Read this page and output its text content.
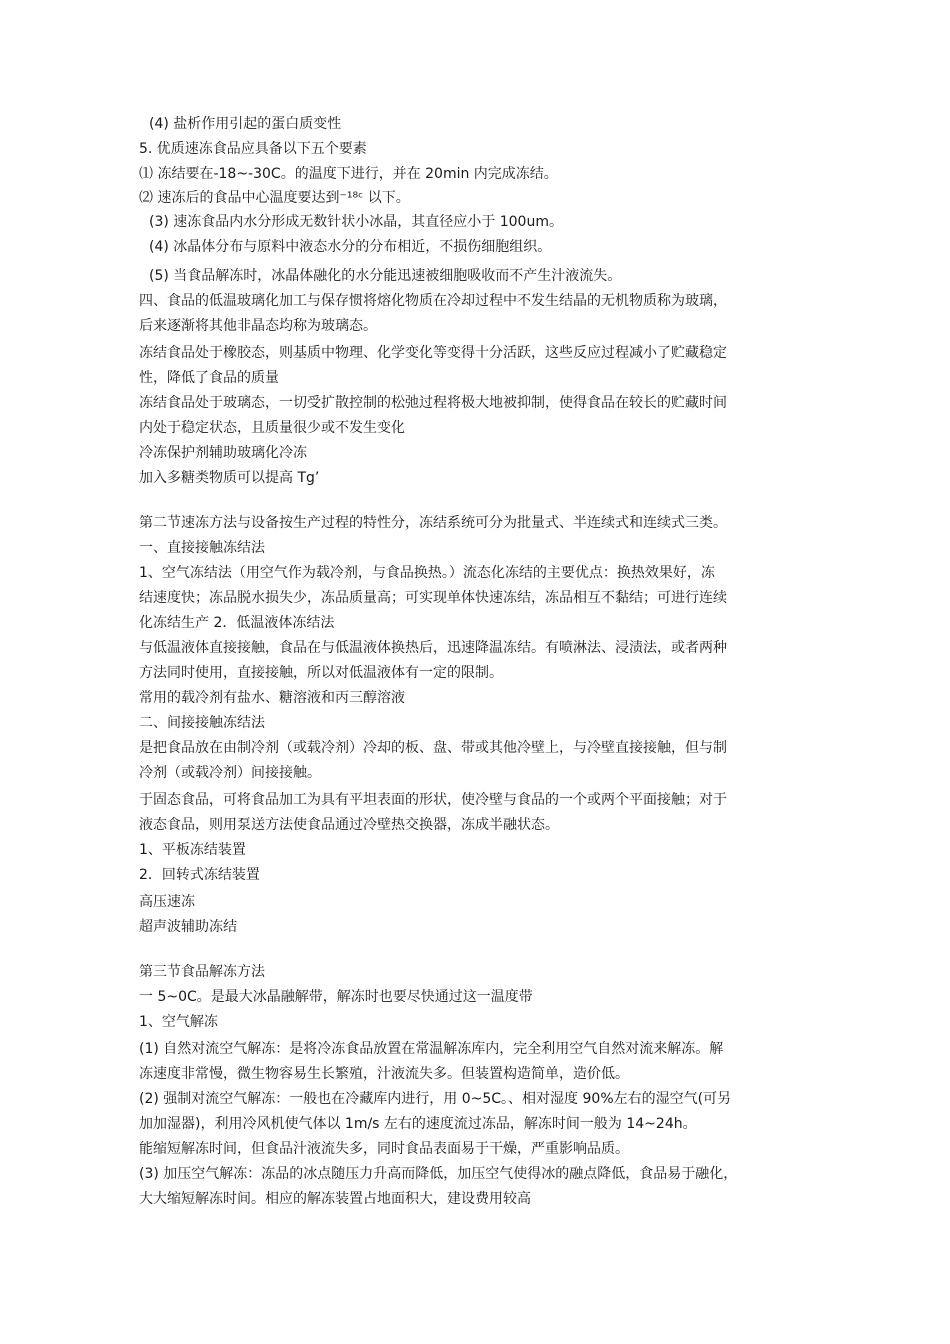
(4) 盐析作用引起的蛋白质变性
5. 优质速冻食品应具备以下五个要素
⑴ 冻结要在-18~-30C。的温度下进行，并在 20min 内完成冻结。
⑵ 速冻后的食品中心温度要达到⁻¹⁸ᶜ 以下。
(3) 速冻食品内水分形成无数针状小冰晶，其直径应小于 100um。
(4) 冰晶体分布与原料中液态水分的分布相近，不损伤细胞组织。
(5) 当食品解冻时，冰晶体融化的水分能迅速被细胞吸收而不产生汁液流失。
四、食品的低温玻璃化加工与保存惯将熔化物质在冷却过程中不发生结晶的无机物质称为玻璃，
后来逐渐将其他非晶态均称为玻璃态。
冻结食品处于橡胶态，则基质中物理、化学变化等变得十分活跃，这些反应过程减小了贮藏稳定
性，降低了食品的质量
冻结食品处于玻璃态，一切受扩散控制的松弛过程将极大地被抑制，使得食品在较长的贮藏时间
内处于稳定状态，且质量很少或不发生变化
冷冻保护剂辅助玻璃化冷冻
加入多糖类物质可以提高 Tg’
第二节速冻方法与设备按生产过程的特性分，冻结系统可分为批量式、半连续式和连续式三类。
一、直接接触冻结法
1、空气冻结法（用空气作为载冷剂，与食品换热。）流态化冻结的主要优点：换热效果好，冻
结速度快；冻品脱水损失少，冻品质量高；可实现单体快速冻结，冻品相互不黏结；可进行连续
化冻结生产 2．低温液体冻结法
与低温液体直接接触，食品在与低温液体换热后，迅速降温冻结。有喷淋法、浸渍法，或者两种
方法同时使用，直接接触，所以对低温液体有一定的限制。
常用的载冷剂有盐水、糖溶液和丙三醇溶液
二、间接接触冻结法
是把食品放在由制冷剂（或载冷剂）冷却的板、盘、带或其他冷壁上，与冷壁直接接触，但与制
冷剂（或载冷剂）间接接触。
于固态食品，可将食品加工为具有平坦表面的形状，使冷壁与食品的一个或两个平面接触；对于
液态食品，则用泵送方法使食品通过冷壁热交换器，冻成半融状态。
1、平板冻结装置
2．回转式冻结装置
高压速冻
超声波辅助冻结
第三节食品解冻方法
一 5~0C。是最大冰晶融解带，解冻时也要尽快通过这一温度带
1、空气解冻
(1) 自然对流空气解冻：是将冷冻食品放置在常温解冻库内，完全利用空气自然对流来解冻。解
冻速度非常慢，微生物容易生长繁殖，汁液流失多。但装置构造简单，造价低。
(2) 强制对流空气解冻：一般也在冷藏库内进行，用 0~5C。、相对湿度 90%左右的湿空气(可另
加加湿器)，利用冷风机使气体以 1m/s 左右的速度流过冻品，解冻时间一般为 14~24h。
能缩短解冻时间，但食品汁液流失多，同时食品表面易于干燥，严重影响品质。
(3) 加压空气解冻：冻品的冰点随压力升高而降低，加压空气使得冰的融点降低，食品易于融化，
大大缩短解冻时间。相应的解冻装置占地面积大，建设费用较高
